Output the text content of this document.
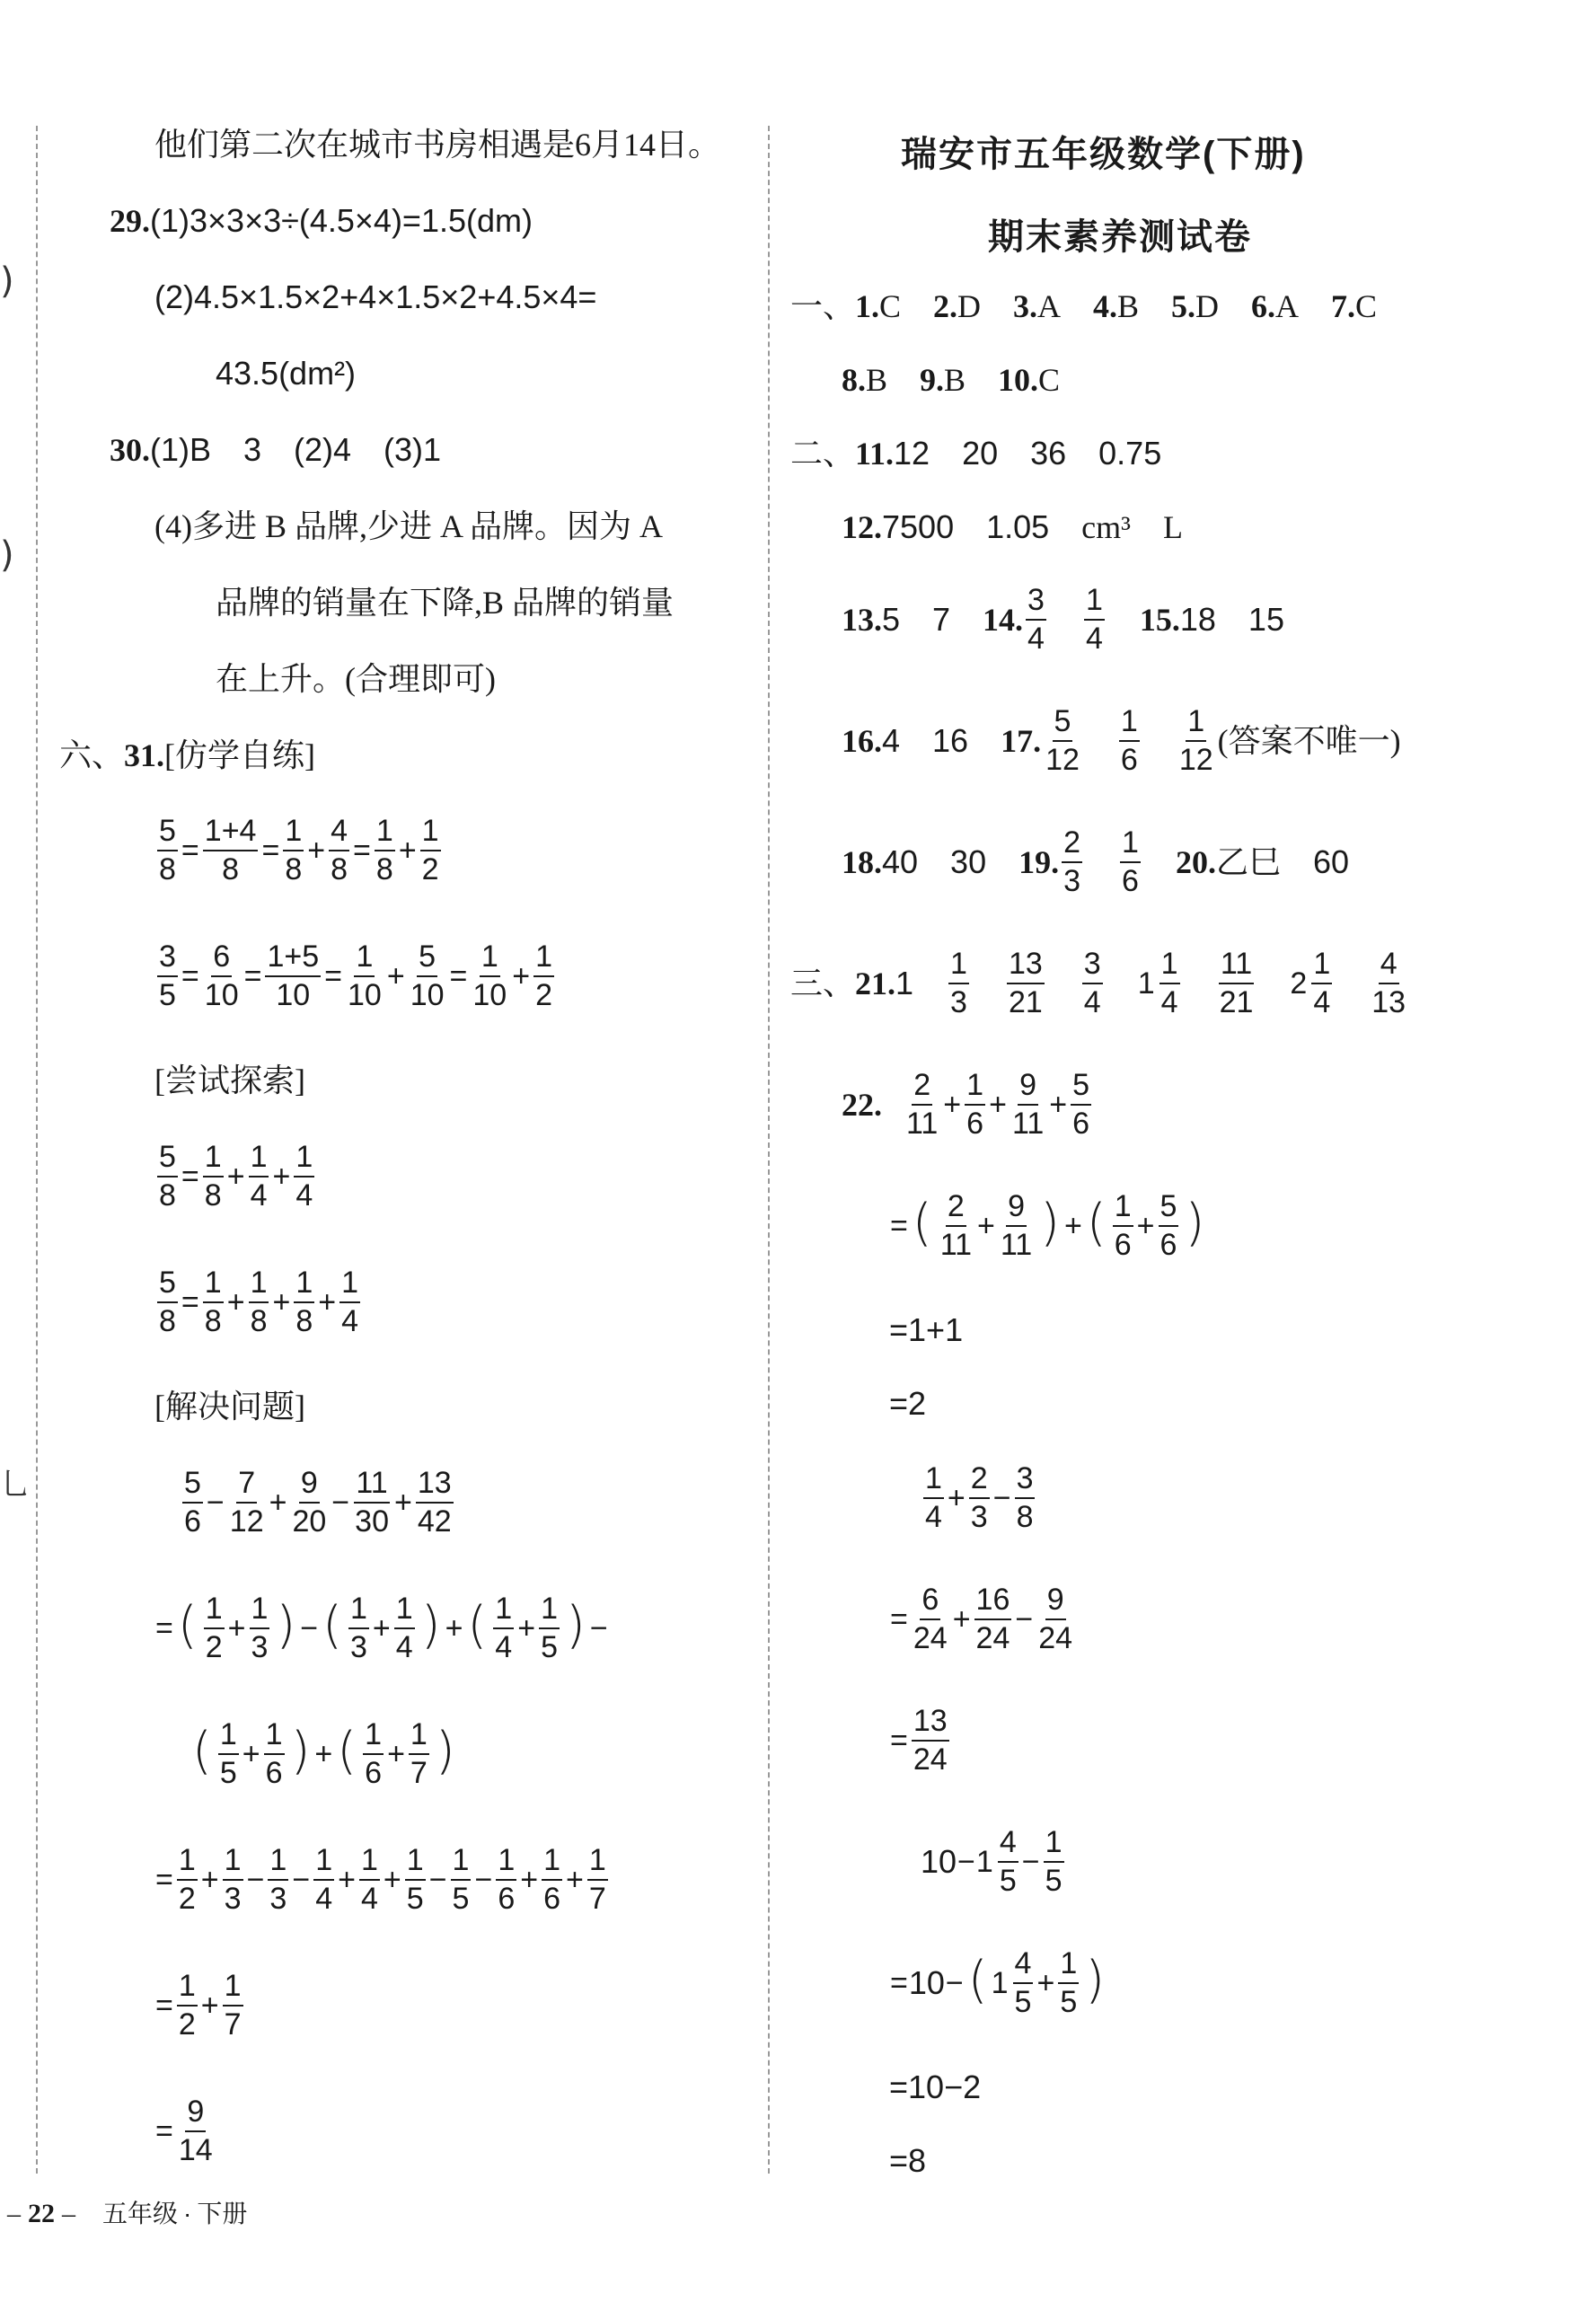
)
)
乚
他们第二次在城市书房相遇是6月14日。
29. (1)3×3×3÷(4.5×4)=1.5(dm)
(2)4.5×1.5×2+4×1.5×2+4.5×4=
43.5(dm²)
30. (1)B　3　(2)4　(3)1
(4)多进 B 品牌,少进 A 品牌。因为 A
品牌的销量在下降,B 品牌的销量
在上升。(合理即可)
六、 31. [仿学自练]
$\frac{5}{8} = \frac{1+4}{8} = \frac{1}{8} + \frac{4}{8} = \frac{1}{8} + \frac{1}{2}$
$\frac{3}{5} = \frac{6}{10} = \frac{1+5}{10} = \frac{1}{10} + \frac{5}{10} = \frac{1}{10} + \frac{1}{2}$
[尝试探索]
$\frac{5}{8} = \frac{1}{8} + \frac{1}{4} + \frac{1}{4}$
$\frac{5}{8} = \frac{1}{8} + \frac{1}{8} + \frac{1}{8} + \frac{1}{4}$
[解决问题]
$\frac{5}{6} - \frac{7}{12} + \frac{9}{20} - \frac{11}{30} + \frac{13}{42}$
= ( $\frac{1}{2} + \frac{1}{3}$ ) − ( $\frac{1}{3} + \frac{1}{4}$ ) + ( $\frac{1}{4} + \frac{1}{5}$ ) −
( $\frac{1}{5} + \frac{1}{6}$ ) + ( $\frac{1}{6} + \frac{1}{7}$ )
= $\frac{1}{2} + \frac{1}{3} - \frac{1}{3} - \frac{1}{4} + \frac{1}{4} + \frac{1}{5} - \frac{1}{5} - \frac{1}{6} + \frac{1}{6} + \frac{1}{7}$
= $\frac{1}{2} + \frac{1}{7}$
= $\frac{9}{14}$
瑞安市五年级数学(下册)
期末素养测试卷
一、 1. C 2. D 3. A 4. B 5. D 6. A 7. C
8. B 9. B 10. C
二、 11. 12　20　36　0.75
12. 7500　1.05　 cm³ L
13. 5　7 14. $\frac{3}{4} \frac{1}{4} 15$. 18　15
16. 4　16 17. $\frac{5}{12} \frac{1}{6} \frac{1}{12}$ (答案不唯一)
18. 40　30 19. $\frac{2}{3} \frac{1}{6} 20$. 乙巳　60
三、 21. $1 \frac{1}{3} \frac{13}{21} \frac{3}{4} 1 \frac{1}{4} \frac{11}{21} 2 \frac{1}{4} \frac{4}{13}$
22. $\frac{2}{11} + \frac{1}{6} + \frac{9}{11} + \frac{5}{6}$
= ( $\frac{2}{11} + \frac{9}{11}$ ) + ( $\frac{1}{6} + \frac{5}{6}$ )
= 1+1
= 2
$\frac{1}{4} + \frac{2}{3} - \frac{3}{8}$
= $\frac{6}{24} + \frac{16}{24} - \frac{9}{24}$
= $\frac{13}{24}$
$10 - 1 \frac{4}{5} - \frac{1}{5}$
= 10 − ( $1 \frac{4}{5} + \frac{1}{5}$ )
= 10−2
= 8
– 22 – 五年级 · 下册
